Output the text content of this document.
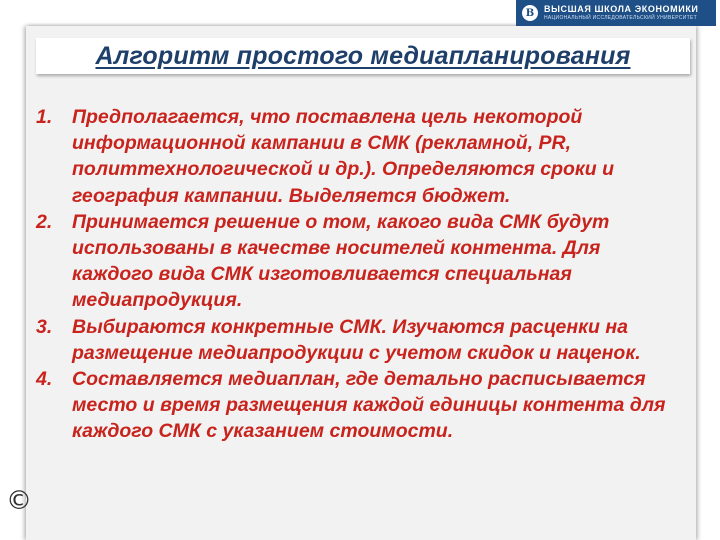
В	ВЫСШАЯ ШКОЛА ЭКОНОМИКИ
НАЦИОНАЛЬНЫЙ ИССЛЕДОВАТЕЛЬСКИЙ УНИВЕРСИТЕТ
Алгоритм простого медиапланирования
1.	Предполагается, что поставлена цель некоторой информационной кампании в СМК (рекламной, PR, политтехнологической и др.). Определяются сроки и география кампании. Выделяется бюджет.
2.	Принимается решение о том, какого вида СМК будут использованы в качестве носителей контента. Для каждого вида СМК изготовливается специальная медиапродукция.
3.	Выбираются конкретные СМК. Изучаются расценки на размещение медиапродукции с учетом скидок и наценок.
4.	Составляется медиаплан, где детально расписывается место и время размещения каждой единицы контента для каждого СМК с указанием стоимости.
©
